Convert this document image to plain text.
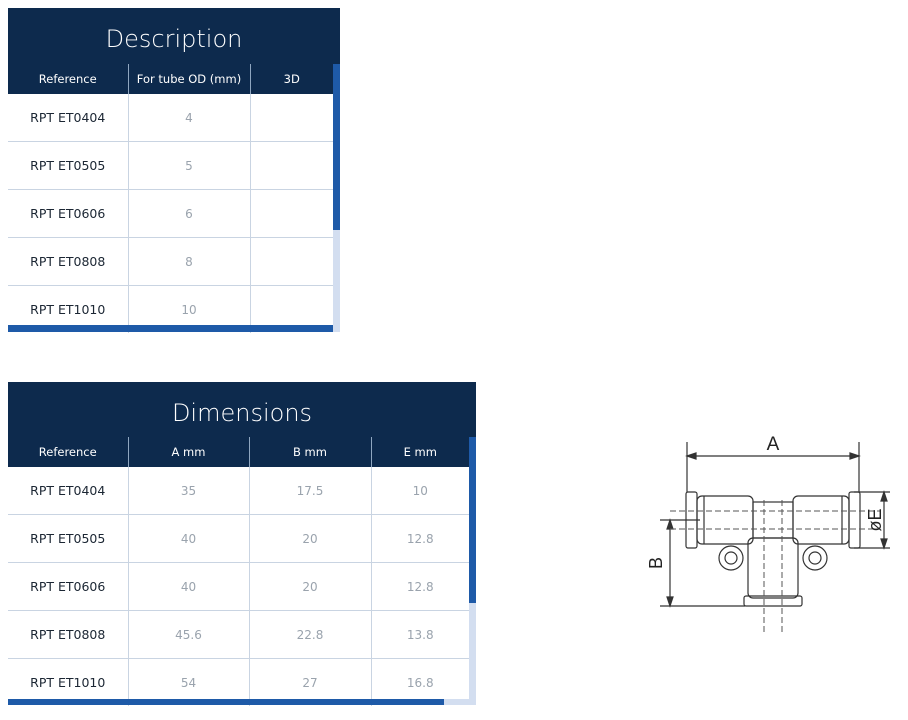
Description
Reference	For tube OD (mm)	3D
RPT ET0404	4	
RPT ET0505	5	
RPT ET0606	6	
RPT ET0808	8	
RPT ET1010	10	
Dimensions
Reference	A mm	B mm	E mm
RPT ET0404	35	17.5	10
RPT ET0505	40	20	12.8
RPT ET0606	40	20	12.8
RPT ET0808	45.6	22.8	13.8
RPT ET1010	54	27	16.8
A
B
øE
